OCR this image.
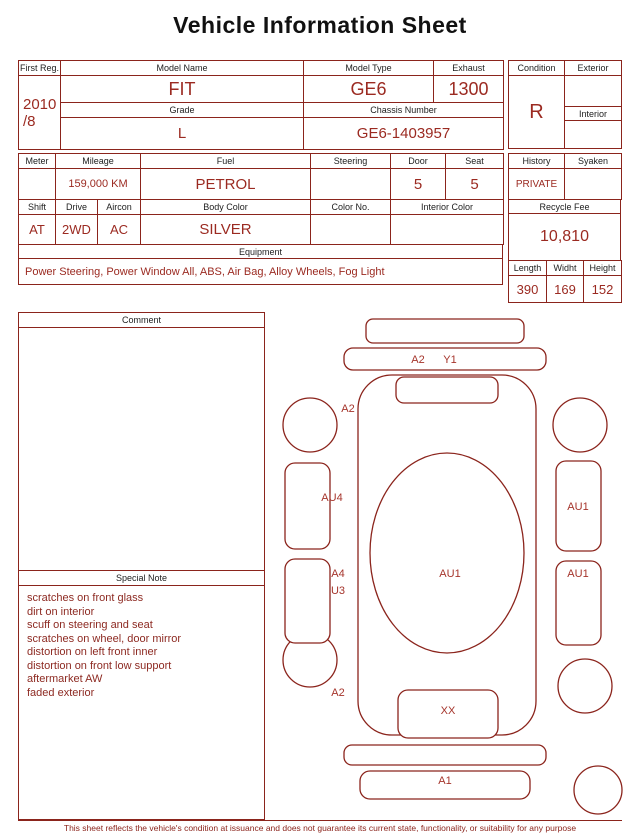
Vehicle Information Sheet
First Reg.	Model Name	Model Type	Exhaust

2010
/8	FIT	GE6	1300
	Grade	Chassis Number	
	L	GE6-1403957	
Condition	Exterior
R	
	Interior

Meter	Mileage	Fuel	Steering	Door	Seat
	159,000 KM	PETROL		5	5
Shift	Drive	Aircon	Body Color	Color No.	Interior Color
AT	2WD	AC	SILVER		
Equipment
Power Steering, Power Window All, ABS, Air Bag, Alloy Wheels, Fog Light
History	Syaken
PRIVATE	
Recycle Fee
10,810
Length	Widht	Height
390	169	152
Comment
Special Note
scratches on front glass
dirt on interior
scuff on steering and seat
scratches on wheel, door mirror
distortion on left front inner
distortion on front low support
aftermarket AW
faded exterior
A2 Y1
A2
AU4
A4
U3
AU1
AU1
AU1
A2
XX
A1
This sheet reflects the vehicle's condition at issuance and does not guarantee its current state, functionality, or suitability for any purpose
